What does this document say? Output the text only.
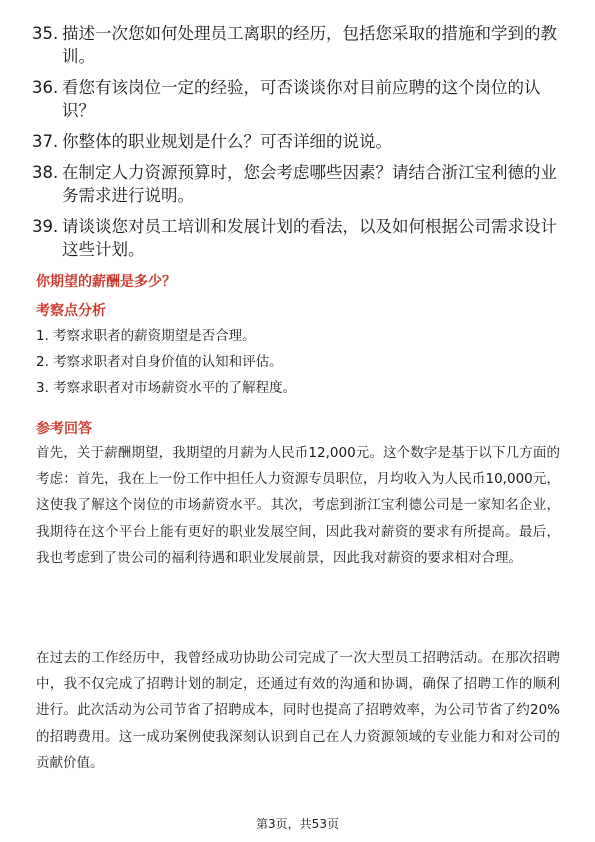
35. 描述一次您如何处理员工离职的经历，包括您采取的措施和学到的教训。
36. 看您有该岗位一定的经验，可否谈谈你对目前应聘的这个岗位的认识？
37. 你整体的职业规划是什么？可否详细的说说。
38. 在制定人力资源预算时，您会考虑哪些因素？请结合浙江宝利德的业务需求进行说明。
39. 请谈谈您对员工培训和发展计划的看法，以及如何根据公司需求设计这些计划。
你期望的薪酬是多少？
考察点分析
1. 考察求职者的薪资期望是否合理。
2. 考察求职者对自身价值的认知和评估。
3. 考察求职者对市场薪资水平的了解程度。
参考回答
首先，关于薪酬期望，我期望的月薪为人民币12,000元。这个数字是基于以下几方面的考虑：首先，我在上一份工作中担任人力资源专员职位，月均收入为人民币10,000元，这使我了解这个岗位的市场薪资水平。其次，考虑到浙江宝利德公司是一家知名企业，我期待在这个平台上能有更好的职业发展空间，因此我对薪资的要求有所提高。最后，我也考虑到了贵公司的福利待遇和职业发展前景，因此我对薪资的要求相对合理。
在过去的工作经历中，我曾经成功协助公司完成了一次大型员工招聘活动。在那次招聘中，我不仅完成了招聘计划的制定，还通过有效的沟通和协调，确保了招聘工作的顺利进行。此次活动为公司节省了招聘成本，同时也提高了招聘效率，为公司节省了约20%的招聘费用。这一成功案例使我深刻认识到自己在人力资源领域的专业能力和对公司的贡献价值。
第3页，共53页
